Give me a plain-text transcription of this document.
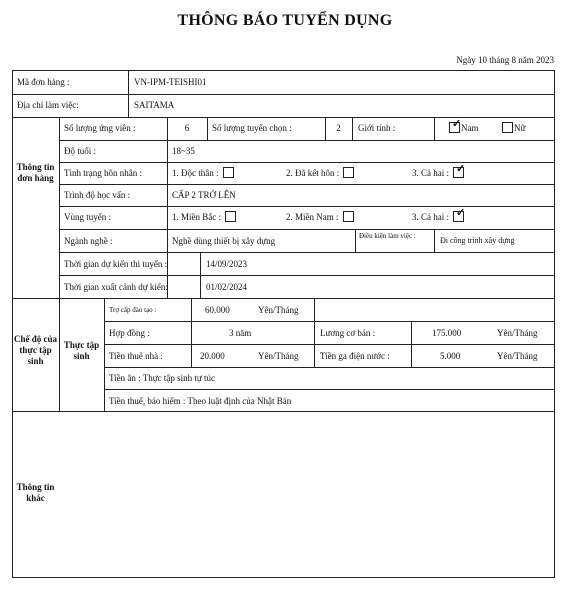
THÔNG BÁO TUYỂN DỤNG
Ngày 10 tháng 8 năm 2023
Mã đơn hàng :	VN-IPM-TEISHI01
Địa chỉ làm việc:	SAITAMA
Thông tin đơn hàng
Số lượng ứng viên :	6	Số lượng tuyển chọn :	2	Giới tính :
✓	Nam	Nữ
Độ tuổi :	18~35
Tình trạng hôn nhân :	1. Độc thân :	2. Đã kết hôn :	3. Cả hai :✓
Trình độ học vấn :	CẤP 2 TRỞ LÊN
Vùng tuyển :	1. Miền Bắc :	2. Miền Nam :	3. Cả hai :✓
Ngành nghề :	Nghề dùng thiết bị xây dựng	Điều kiện làm việc :	Đi công trình xây dựng
Thời gian dự kiến thi tuyển :	14/09/2023
Thời gian xuất cảnh dự kiến:	01/02/2024
Chế độ của thực tập sinh
Thực tập sinh
Trợ cấp đào tạo :	60.000	Yên/Tháng
Hợp đồng :	3 năm	Lương cơ bản :	175.000	Yên/Tháng
Tiền thuê nhà :	20.000	Yên/Tháng Tiền ga điện nước :	5.000	Yên/Tháng
Tiền ăn : Thực tập sinh tự túc
Tiền thuế, bảo hiểm : Theo luật định của Nhật Bản
Thông tin khác
